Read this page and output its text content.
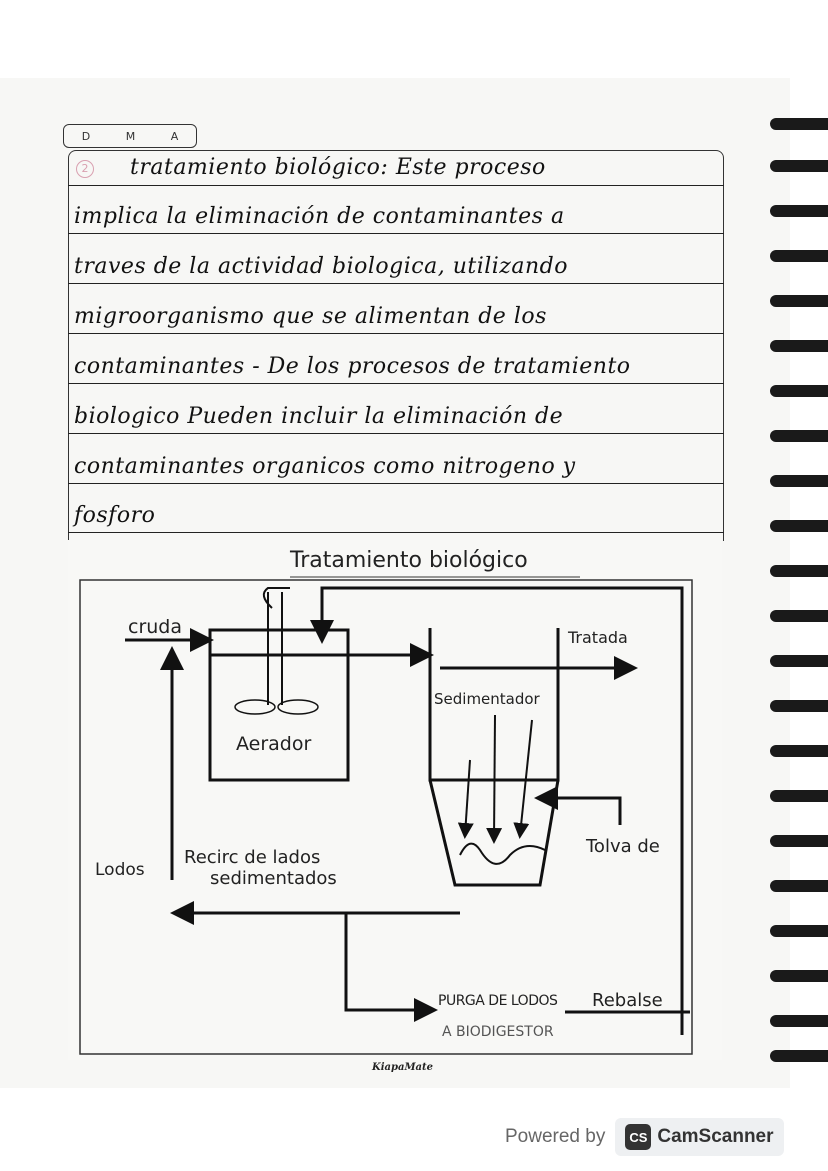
D	M	A
2 tratamiento biológico: Este proceso
implica la eliminación de contaminantes a
traves de la actividad biologica, utilizando
migroorganismo que se alimentan de los
contaminantes - De los procesos de tratamiento
biologico Pueden incluir la eliminación de
contaminantes organicos como nitrogeno y
fosforo
Tratamiento biológico
cruda
Aerador
Sedimentador
Tratada
Tolva de
Lodos
Recirc de lados
sedimentados
PURGA DE LODOS
A BIODIGESTOR
Rebalse
KiapaMate
Powered by	CS CamScanner
